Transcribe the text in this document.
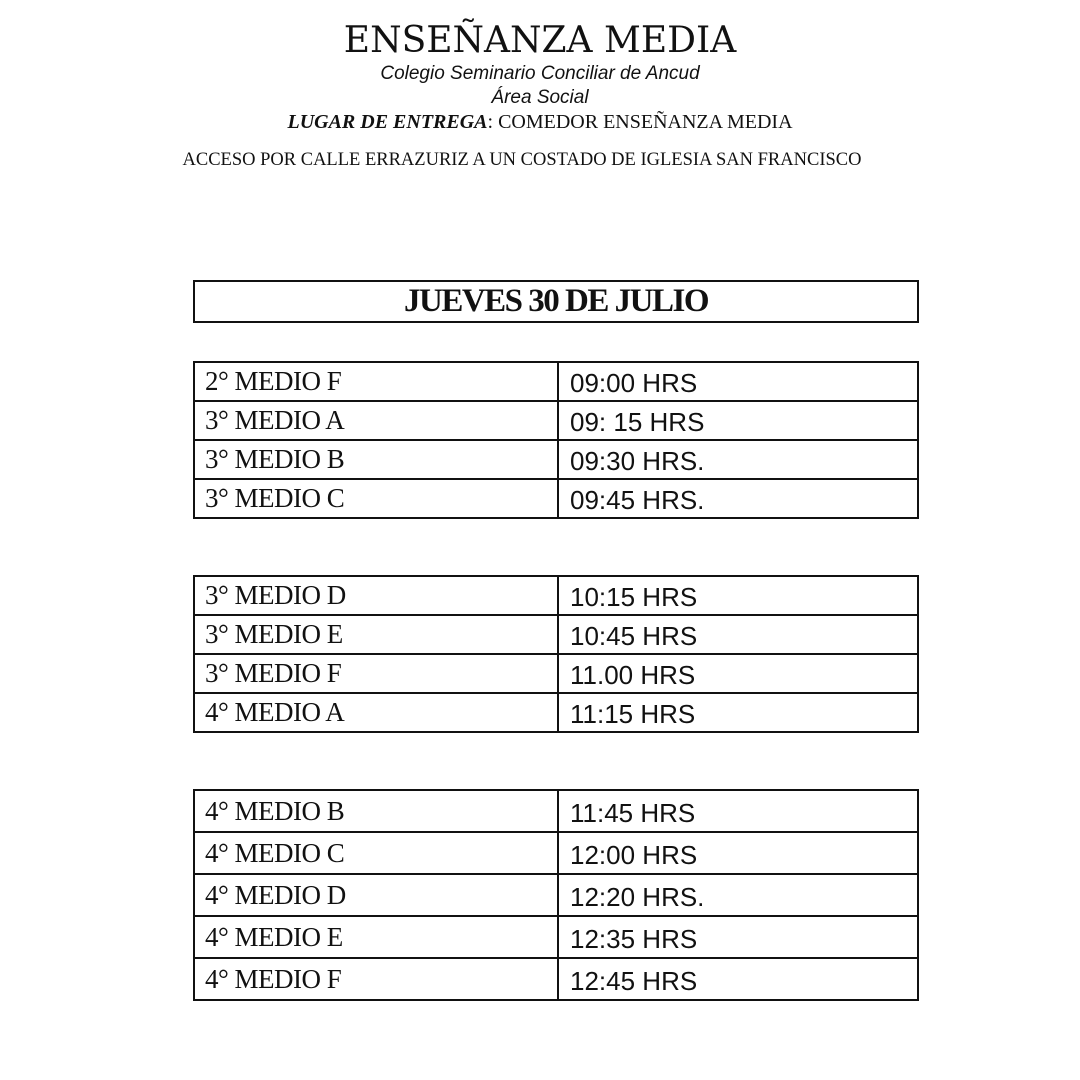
ENSEÑANZA MEDIA
Colegio Seminario Conciliar de Ancud
Área Social
LUGAR DE ENTREGA: COMEDOR ENSEÑANZA MEDIA
ACCESO POR CALLE ERRAZURIZ A UN COSTADO DE IGLESIA SAN FRANCISCO
JUEVES 30 DE JULIO
2° MEDIO F	09:00 HRS
3° MEDIO A	09: 15 HRS
3° MEDIO B	09:30 HRS.
3° MEDIO C	09:45 HRS.
3° MEDIO D	10:15 HRS
3° MEDIO E	10:45 HRS
3° MEDIO F	11.00 HRS
4° MEDIO A	11:15 HRS
4° MEDIO B	11:45 HRS
4° MEDIO C	12:00 HRS
4° MEDIO D	12:20 HRS.
4° MEDIO E	12:35 HRS
4° MEDIO F	12:45 HRS
